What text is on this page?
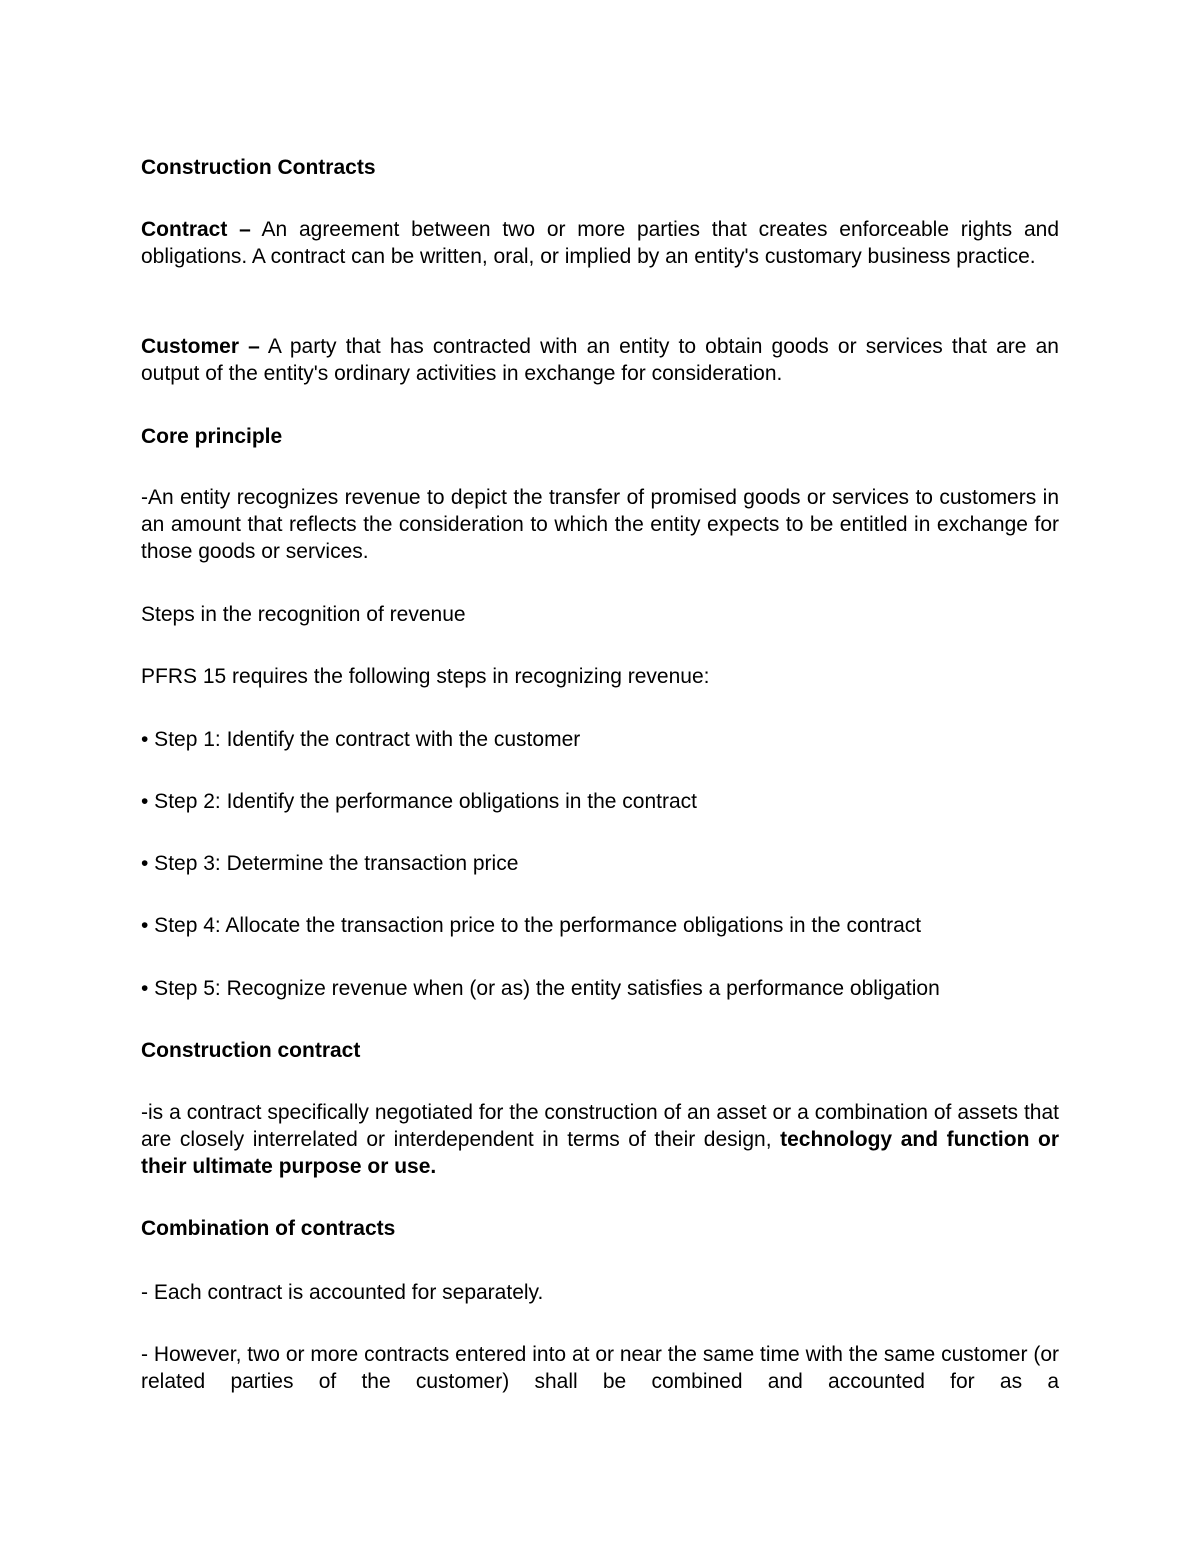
Construction Contracts

Contract – An agreement between two or more parties that creates enforceable rights and obligations. A contract can be written, oral, or implied by an entity's customary business practice.

Customer – A party that has contracted with an entity to obtain goods or services that are an output of the entity's ordinary activities in exchange for consideration.

Core principle

-An entity recognizes revenue to depict the transfer of promised goods or services to customers in an amount that reflects the consideration to which the entity expects to be entitled in exchange for those goods or services.

Steps in the recognition of revenue

PFRS 15 requires the following steps in recognizing revenue:

• Step 1: Identify the contract with the customer

• Step 2: Identify the performance obligations in the contract

• Step 3: Determine the transaction price

• Step 4: Allocate the transaction price to the performance obligations in the contract

• Step 5: Recognize revenue when (or as) the entity satisfies a performance obligation

Construction contract

-is a contract specifically negotiated for the construction of an asset or a combination of assets that are closely interrelated or interdependent in terms of their design, technology and function or their ultimate purpose or use.

Combination of contracts

- Each contract is accounted for separately.

- However, two or more contracts entered into at or near the same time with the same customer (or related parties of the customer) shall be combined and accounted for as a
